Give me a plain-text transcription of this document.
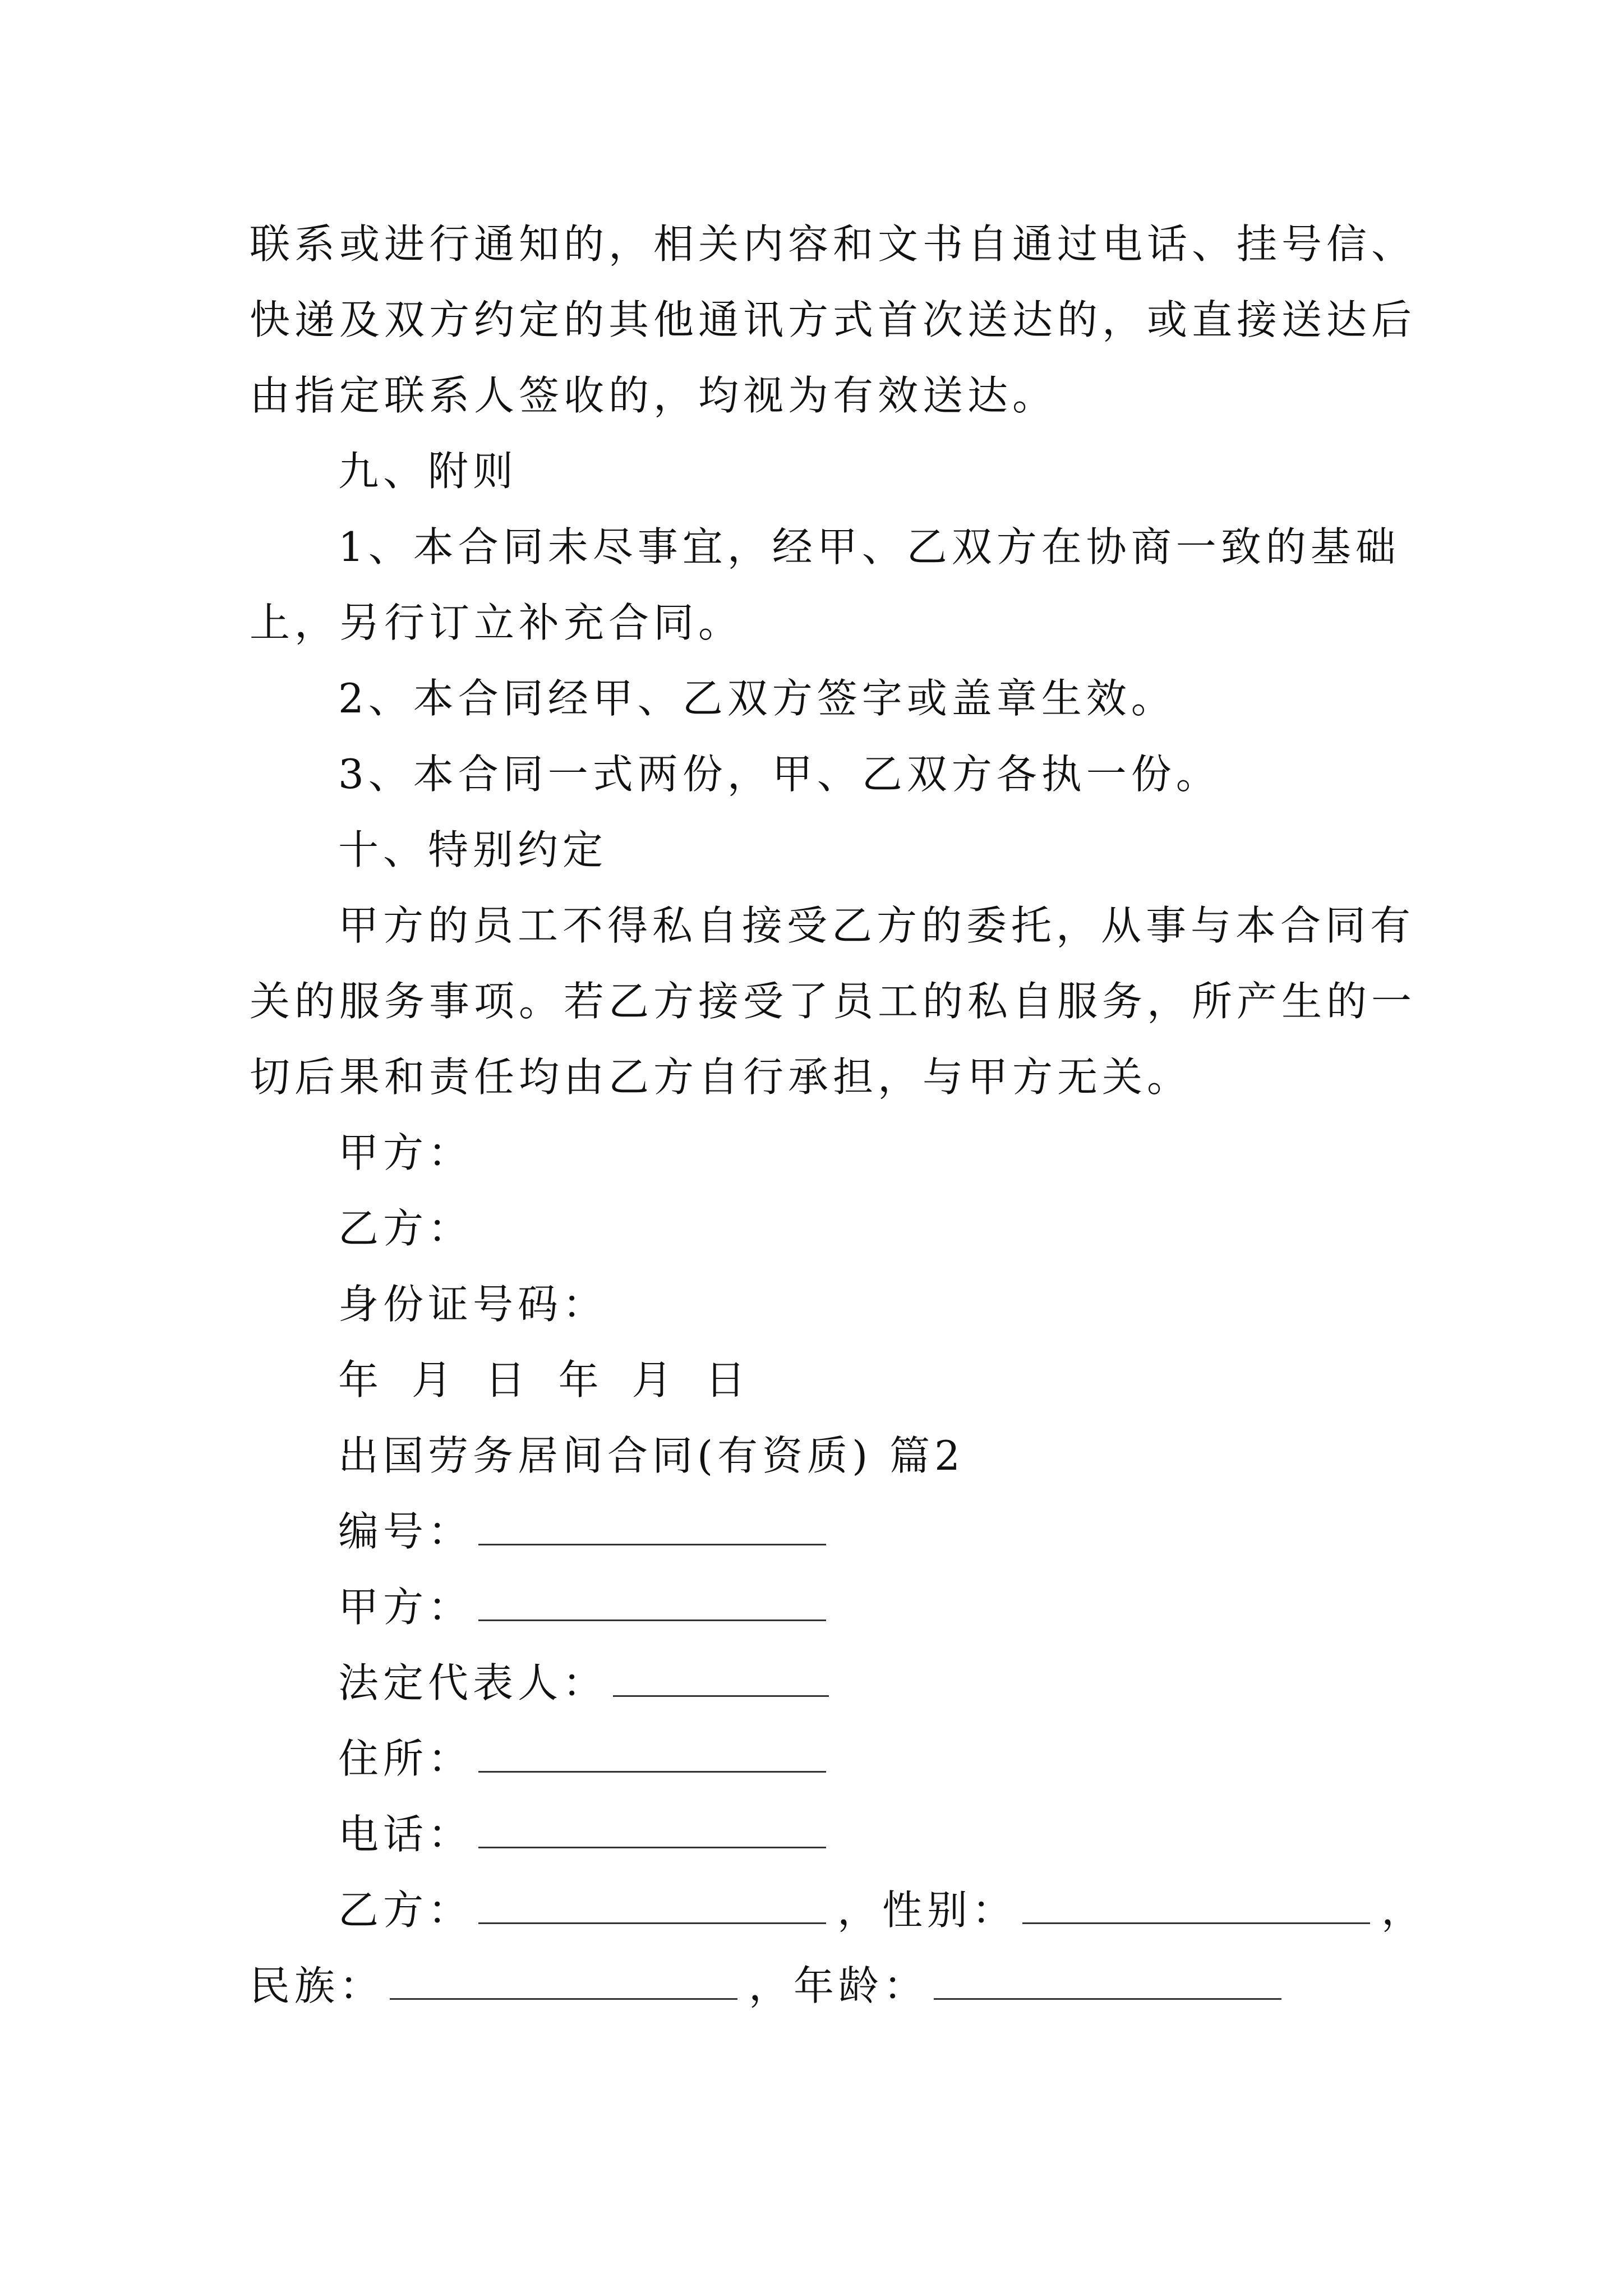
联系或进行通知的，相关内容和文书自通过电话、挂号信、
快递及双方约定的其他通讯方式首次送达的，或直接送达后
由指定联系人签收的，均视为有效送达。
九、附则
1、本合同未尽事宜，经甲、乙双方在协商一致的基础
上，另行订立补充合同。
2、本合同经甲、乙双方签字或盖章生效。
3、本合同一式两份，甲、乙双方各执一份。
十、特别约定
甲方的员工不得私自接受乙方的委托，从事与本合同有
关的服务事项。若乙方接受了员工的私自服务，所产生的一
切后果和责任均由乙方自行承担，与甲方无关。
甲方：
乙方：
身份证号码：
年 月 日 年 月 日
出国劳务居间合同(有资质) 篇2
编号：
甲方：
法定代表人：
住所：
电话：
乙方：	，性别：	，
民族：	，年龄：
